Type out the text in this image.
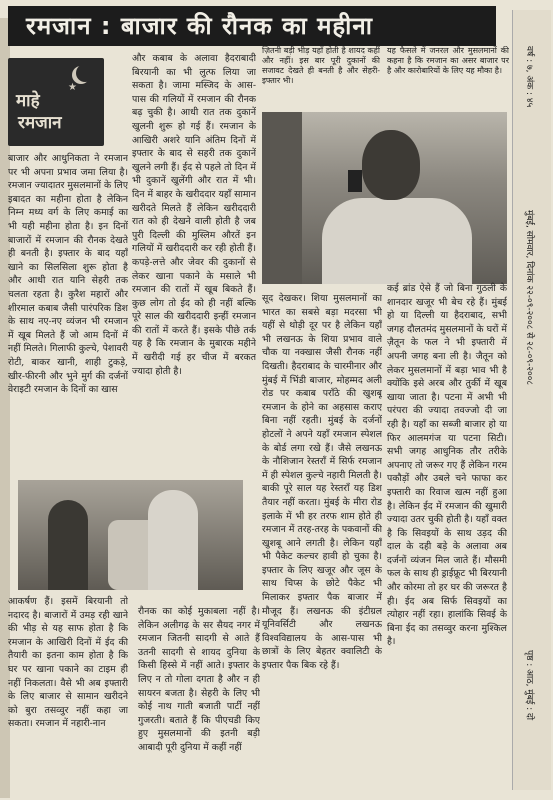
रमजान : बाजार की रौनक का महीना
★
माहे
रमजान
बाजार और आधुनिकता ने रमजान पर भी अपना प्रभाव जमा लिया है। रमजान ज्यादातर मुसलमानों के लिए इबादत का महीना होता है लेकिन निम्न मध्य वर्ग के लिए कमाई का भी यही महीना होता है। इन दिनों बाजारों में रमजान की रौनक देखते ही बनती है। इफ्तार के बाद यहाँ खाने का सिलसिला शुरू होता है और आधी रात यानि सेहरी तक चलता रहता है। कुरैश महारों और शीरमाल कबाब जैसी पारंपरिक डिश के साथ नए-नए व्यंजन भी रमजान में खूब मिलते हैं जो आम दिनों में नहीं मिलते। गिलाफी कुल्चे, पेशावरी रोटी, बाकर खानी, शाही टुकड़े, खीर-फीरनी और भुने मुर्ग की दर्जनों वेराइटी रमजान के दिनों का खास
और कबाब के अलावा हैदराबादी बिरयानी का भी लुत्फ लिया जा सकता है। जामा मस्जिद के आस-पास की गलियों में रमजान की रौनक बढ़ चुकी है। आधी रात तक दुकानें खुलनी शुरू हो गई हैं। रमजान के आखिरी अशरे यानि अंतिम दिनों में इफ्तार के बाद से सहरी तक दुकानें खुलने लगी हैं। ईद से पहले तो दिन में भी दुकानें खुलेंगी और रात में भी। दिन में बाहर के खरीददार यहाँ सामान खरीदते मिलते हैं लेकिन खरीददारी रात को ही देखने वाली होती है जब पुरी दिल्ली की मुस्लिम औरतें इन गलियों में खरीददारी कर रही होती हैं। कपड़े-लत्ते और जेवर की दुकानों से लेकर खाना पकाने के मसाले भी रमजान की रातों में खूब बिकते हैं। कुछ लोग तो ईद को ही नहीं बल्कि पूरे साल की खरीददारी इन्हीं रमजान की रातों में करते हैं। इसके पीछे तर्क यह है कि रमजान के मुबारक महीने में खरीदी गई हर चीज में बरकत ज्यादा होती है।
ज़ितनी बड़ी भीड़ यहाँ होती है शायद कहीं और नहीं। इस बार पूरी दुकानों की सजावट देखते ही बनती है और सेहरी-इफ्तार भी।
यह फैसले में जनरल और मुसलमानों की कहना है कि रमजान का असर बाजार पर है और कारोबारियों के लिए यह मौका है।
सूद देखकर। शिया मुसलमानों का भारत का सबसे बड़ा मदरसा भी यहीं से थोड़ी दूर पर है लेकिन यहाँ भी लखनऊ के शिया प्रभाव वाले चौक या नक्खास जैसी रौनक नहीं दिखती। हैदराबाद के चारमीनार और मुंबई में भिंडी बाजार, मोहम्मद अली रोड पर कबाब पराँठे की खुशबू रमजान के होने का अहसास कराए बिना नहीं रहती। मुंबई के दर्जनों होटलों ने अपने यहाँ रमजान स्पेशल के बोर्ड लगा रखे हैं। जैसे लखनऊ के नौशिजान रेस्तराँ में सिर्फ रमजान में ही स्पेशल कुल्चे नहारी मिलती है। बाकी पूरे साल यह रेस्तराँ यह डिश तैयार नहीं करता। मुंबई के मीरा रोड इलाके में भी हर तरफ शाम होते ही रमजान में तरह-तरह के पकवानों की खुशबू आने लगती है। लेकिन यहाँ भी पैकेट कल्चर हावी हो चुका है। इफ्तार के लिए खजूर और जूस के साथ चिप्स के छोटे पैकेट भी मिलाकर इफ्तार पैक बाजार में मौजूद हैं। लखनऊ की इंटीग्रल यूनिवर्सिटी और लखनऊ विश्वविद्यालय के आस-पास भी छात्रों के लिए बेहतर क्वालिटी के इफ्तार पैक बिक रहे हैं।
कई ब्रांड ऐसे हैं जो बिना गुठली के शानदार खजूर भी बेच रहे हैं। मुंबई हो या दिल्ली या हैदराबाद, सभी जगह दौलतमंद मुसलमानों के घरों में ज़ैतून के फल ने भी इफ्तारी में अपनी जगह बना ली है। जैतून को लेकर मुसलमानों में बड़ा भाव भी है क्योंकि इसे अरब और तुर्की में खूब खाया जाता है। पटना में अभी भी परंपरा की ज्यादा तवज्जो दी जा रही है। यहाँ का सब्जी बाजार हो या फिर आलमगंज या पटना सिटी। सभी जगह आधुनिक तौर तरीके अपनाए तो जरूर गए हैं लेकिन गरम पकौड़ों और उबले चने फाफा कर इफ्तारी का रिवाज खत्म नहीं हुआ है। लेकिन ईद में रमजान की खुमारी ज्यादा उतर चुकी होती है। यहाँ वक्त है कि सिवइयों के साथ उड़द की दाल के दही बड़े के अलावा अब दर्जनों व्यंजन मिल जाते हैं। मौसमी फल के साथ ही ड्राईफ्रूट भी बिरयानी और कोरमा तो हर घर की जरूरत है ही। ईद अब सिर्फ सिवइयों का त्योहार नहीं रहा। हालांकि सिवई के बिना ईद का तसव्वुर करना मुश्किल है।
आकर्षण हैं। इसमें बिरयानी तो नदारद है। बाजारों में उमड़ रही खाने की भीड़ से यह साफ होता है कि रमजान के आखिरी दिनों में ईद की तैयारी का इतना काम होता है कि घर पर खाना पकाने का टाइम ही नहीं निकलता। वैसे भी अब इफ्तारी के लिए बाजार से सामान खरीदने को बुरा तसव्वुर नहीं कहा जा सकता। रमजान में नहारी-नान
रौनक का कोई मुकाबला नहीं है। लेकिन अलीगढ़ के सर सैयद नगर में रमजान जितनी सादगी से आते हैं उतनी सादगी से शायद दुनिया के किसी हिस्से में नहीं आते। इफ्तार के लिए न तो गोला दगता है और न ही सायरन बजता है। सेहरी के लिए भी कोई नाथ गाती बजाती पार्टी नहीं गुजरती। बताते हैं कि पीएचडी किए हुए मुसलमानों की इतनी बड़ी आबादी पूरी दुनिया में कहीं नहीं
वर्ष : ७, अंक : ४५
मुंबई, सोमवार, दिनांक २२-०९-२००८ से २८-०९-२००८
पृष्ठ : आठ, मुंबई : दो
